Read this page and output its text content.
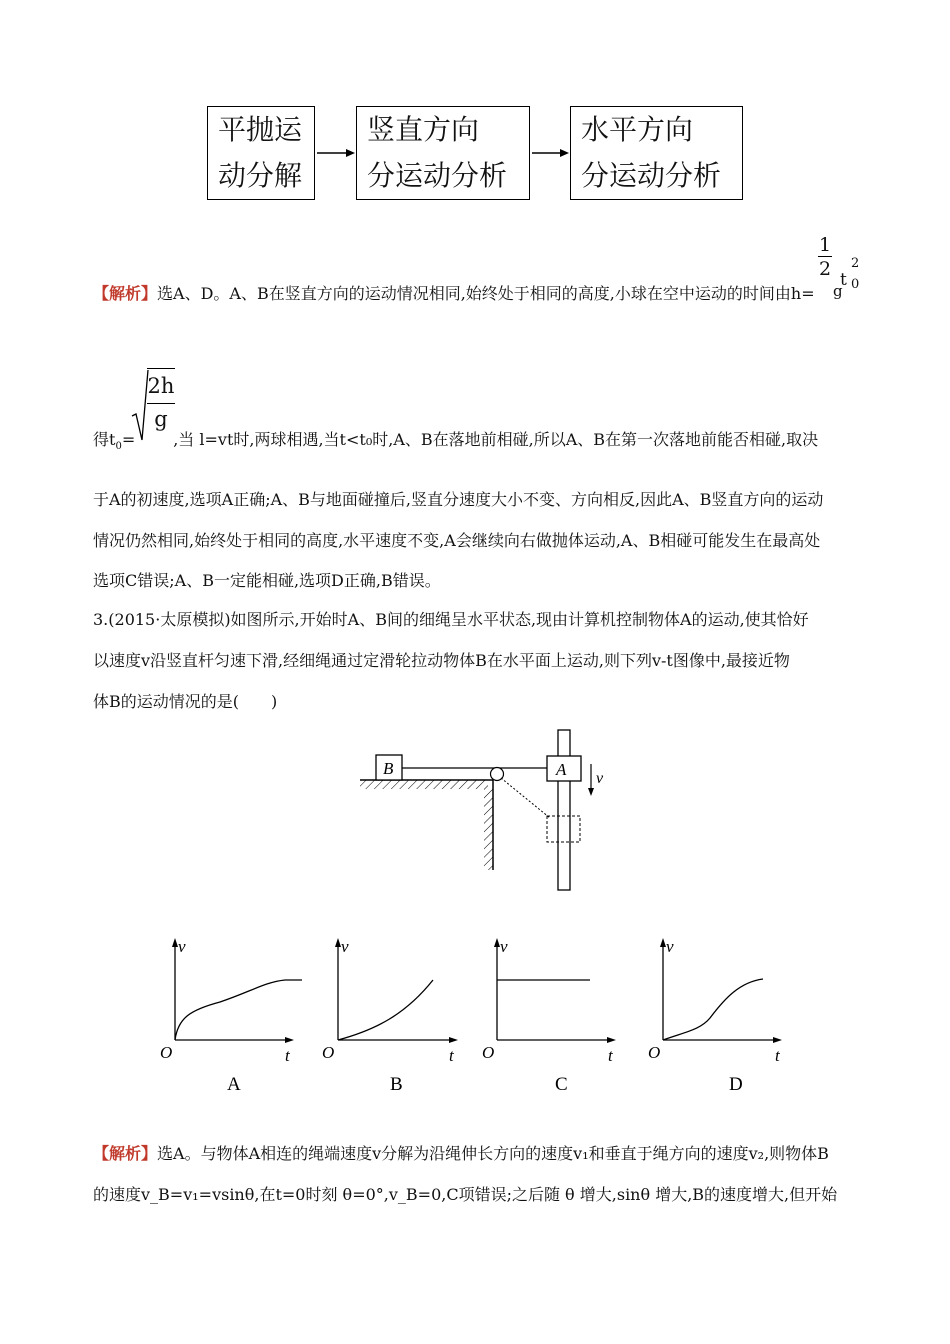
平抛运
动分解
竖直方向
分运动分析
水平方向
分运动分析
$\frac{1}{2}$
g
t
2
0
【解析】选A、D。A、B在竖直方向的运动情况相同,始终处于相同的高度,小球在空中运动的时间由h=
$\frac{2h}{g}$
得$t_0=$ ,当 l=vt时,两球相遇,当t<t₀时,A、B在落地前相碰,所以A、B在第一次落地前能否相碰,取决
于A的初速度,选项A正确;A、B与地面碰撞后,竖直分速度大小不变、方向相反,因此A、B竖直方向的运动
情况仍然相同,始终处于相同的高度,水平速度不变,A会继续向右做抛体运动,A、B相碰可能发生在最高处
选项C错误;A、B一定能相碰,选项D正确,B错误。
3.(2015·太原模拟)如图所示,开始时A、B间的细绳呈水平状态,现由计算机控制物体A的运动,使其恰好
以速度v沿竖直杆匀速下滑,经细绳通过定滑轮拉动物体B在水平面上运动,则下列v-t图像中,最接近物
体B的运动情况的是(　　)
B	A v
v
O	t
A
v
O	t
B
v
O	t
C
v
O	t
D
【解析】选A。与物体A相连的绳端速度v分解为沿绳伸长方向的速度v₁和垂直于绳方向的速度v₂,则物体B
的速度v_B=v₁=vsinθ,在t=0时刻 θ=0°,v_B=0,C项错误;之后随 θ 增大,sinθ 增大,B的速度增大,但开始
